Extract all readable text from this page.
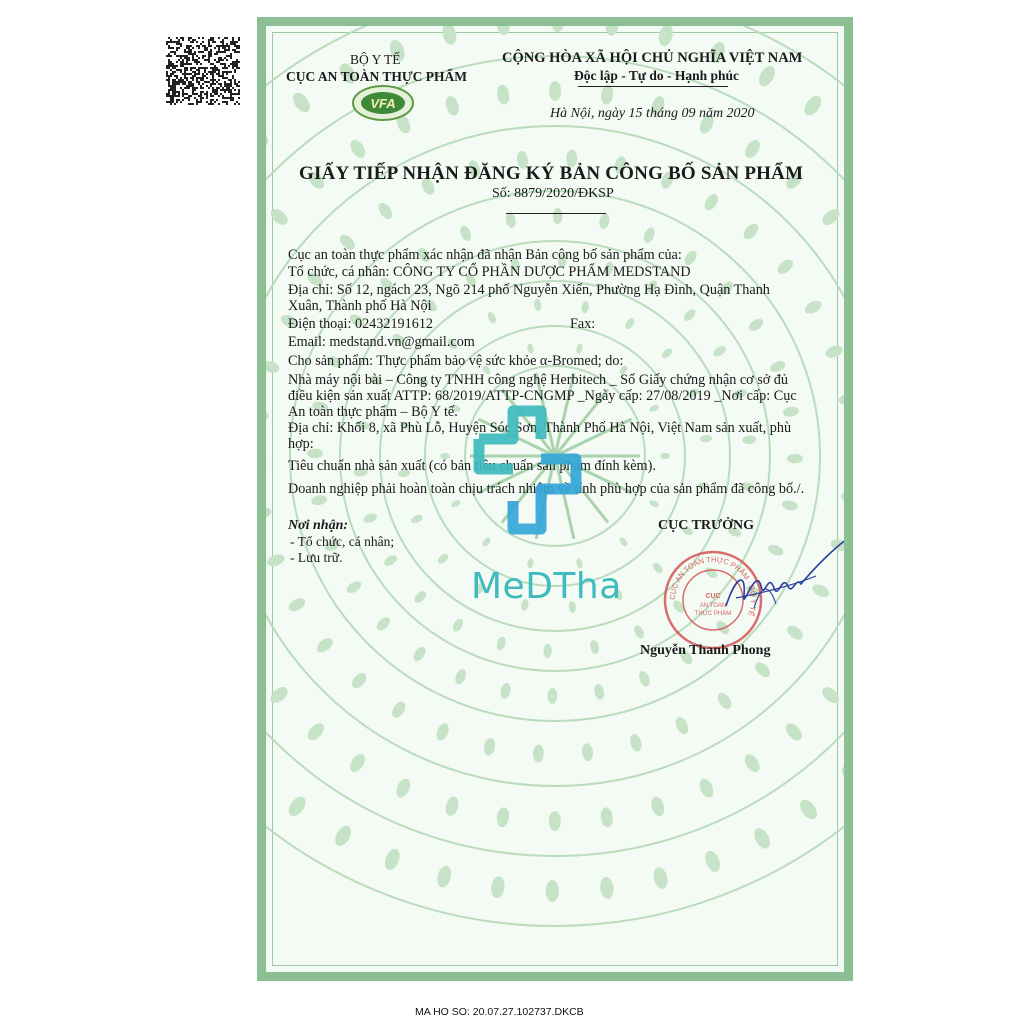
VFA
BỘ Y TẾ
CỤC AN TOÀN THỰC PHẨM
CỘNG HÒA XÃ HỘI CHỦ NGHĨA VIỆT NAM
Độc lập - Tự do - Hạnh phúc
Hà Nội, ngày 15 tháng 09 năm 2020
GIẤY TIẾP NHẬN ĐĂNG KÝ BẢN CÔNG BỐ SẢN PHẨM
Số: 8879/2020/ĐKSP
Cục an toàn thực phẩm xác nhận đã nhận Bản công bố sản phẩm của:
Tổ chức, cá nhân: CÔNG TY CỔ PHẦN DƯỢC PHẨM MEDSTAND
Địa chỉ: Số 12, ngách 23, Ngõ 214 phố Nguyễn Xiển, Phường Hạ Đình, Quận Thanh
Xuân, Thành phố Hà Nội
Điện thoại: 02432191612	Fax:
Email: medstand.vn@gmail.com
Cho sản phẩm: Thực phẩm bảo vệ sức khỏe α-Bromed; do:
Nhà máy nội bài – Công ty TNHH công nghệ Herbitech _ Số Giấy chứng nhận cơ sở đủ
điều kiện sản xuất ATTP: 68/2019/ATTP-CNGMP _Ngày cấp: 27/08/2019 _Nơi cấp: Cục
An toàn thực phẩm – Bộ Y tế.
Địa chỉ: Khối 8, xã Phù Lỗ, Huyện Sóc Sơn, Thành Phố Hà Nội, Việt Nam sản xuất, phù
hợp:
Tiêu chuẩn nhà sản xuất (có bản tiêu chuẩn sản phẩm đính kèm).
Doanh nghiệp phải hoàn toàn chịu trách nhiệm về tính phù hợp của sản phẩm đã công bố./.
Nơi nhận:
- Tổ chức, cá nhân;
- Lưu trữ.
CỤC TRƯỞNG
CỤC AN TOÀN THỰC PHẨM · BỘ Y TẾ
CỤC
AN TOÀN
THỰC PHẨM
Nguyễn Thanh Phong
MeDTha
MA HO SO: 20.07.27.102737.DKCB
